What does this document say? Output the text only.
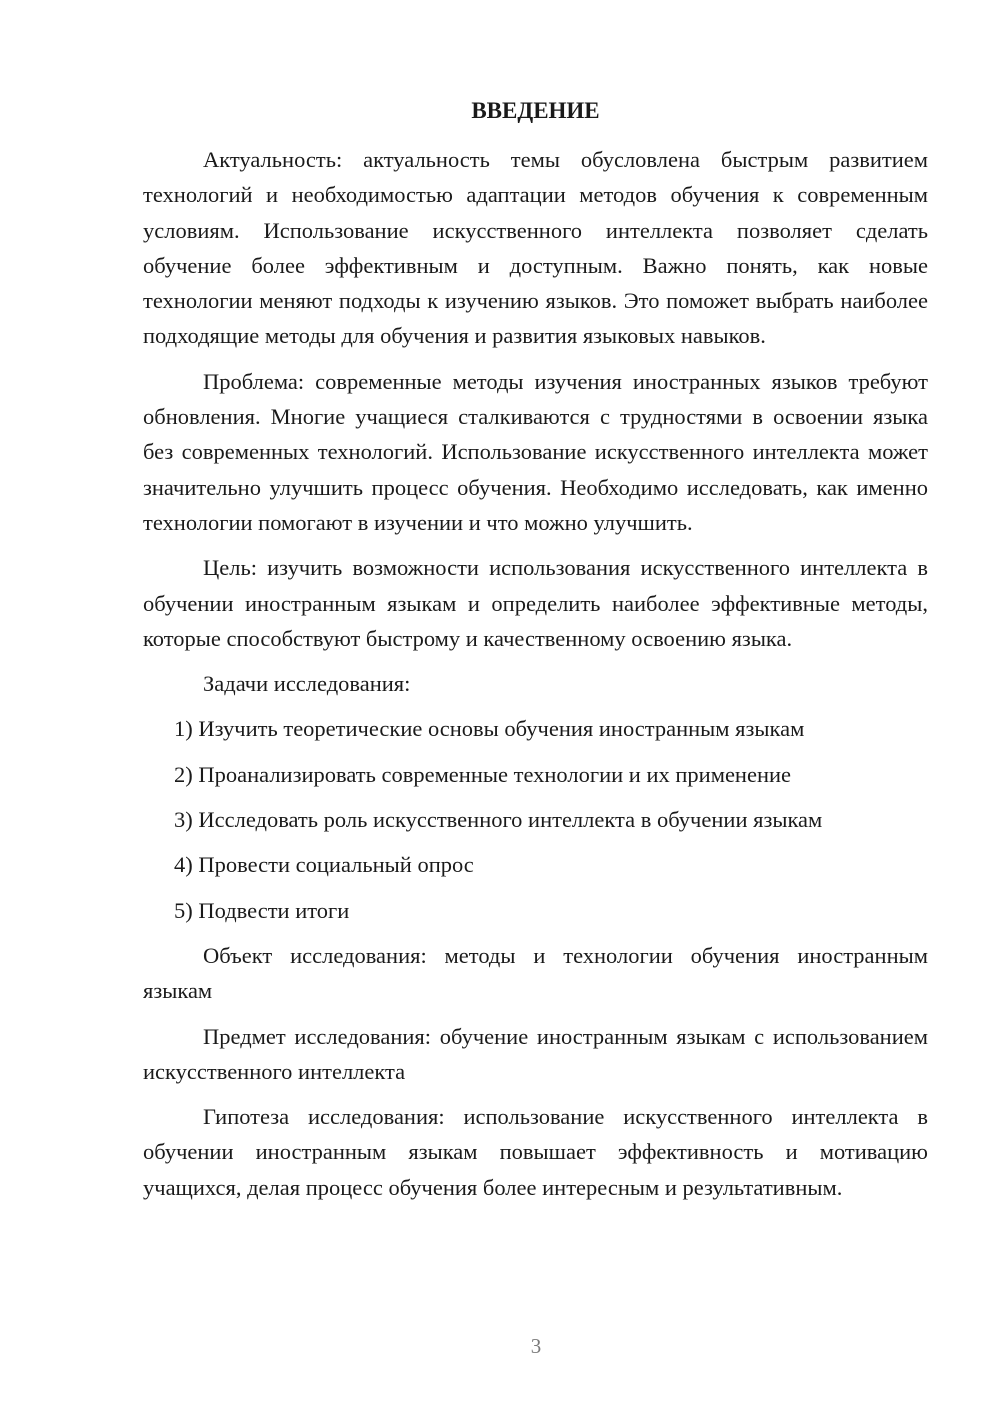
ВВЕДЕНИЕ
Актуальность: актуальность темы обусловлена быстрым развитием технологий и необходимостью адаптации методов обучения к современным условиям. Использование искусственного интеллекта позволяет сделать обучение более эффективным и доступным. Важно понять, как новые технологии меняют подходы к изучению языков. Это поможет выбрать наиболее подходящие методы для обучения и развития языковых навыков.
Проблема: современные методы изучения иностранных языков требуют обновления. Многие учащиеся сталкиваются с трудностями в освоении языка без современных технологий. Использование искусственного интеллекта может значительно улучшить процесс обучения. Необходимо исследовать, как именно технологии помогают в изучении и что можно улучшить.
Цель: изучить возможности использования искусственного интеллекта в обучении иностранным языкам и определить наиболее эффективные методы, которые способствуют быстрому и качественному освоению языка.
Задачи исследования:
1) Изучить теоретические основы обучения иностранным языкам
2) Проанализировать современные технологии и их применение
3) Исследовать роль искусственного интеллекта в обучении языкам
4) Провести социальный опрос
5) Подвести итоги
Объект исследования: методы и технологии обучения иностранным языкам
Предмет исследования: обучение иностранным языкам с использованием искусственного интеллекта
Гипотеза исследования: использование искусственного интеллекта в обучении иностранным языкам повышает эффективность и мотивацию учащихся, делая процесс обучения более интересным и результативным.
3
